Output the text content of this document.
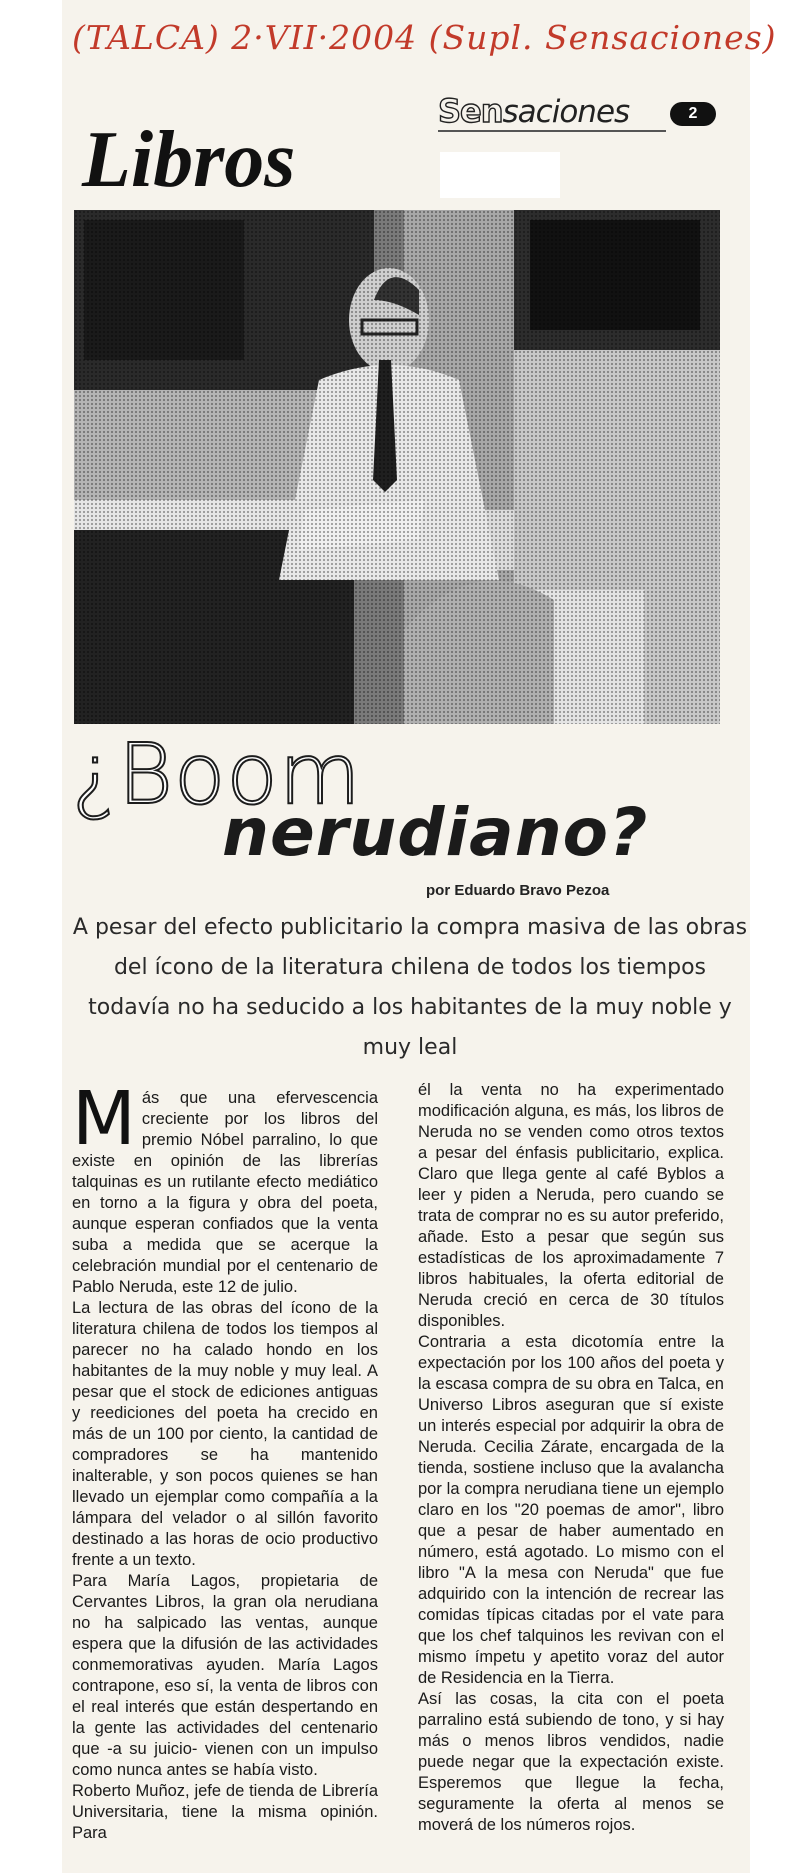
(TALCA) 2·VII·2004 (Supl. Sensaciones)
Sensaciones	2
Libros
¿Boom
nerudiano?
por Eduardo Bravo Pezoa
A pesar del efecto publicitario la compra masiva de las obras del ícono de la literatura chilena de todos los tiempos todavía no ha seducido a los habitantes de la muy noble y muy leal
M ás que una efervescencia creciente por los libros del premio Nóbel parralino, lo que existe en opinión de las librerías talquinas es un rutilante efecto mediático en torno a la figura y obra del poeta, aunque esperan confiados que la venta suba a medida que se acerque la celebración mundial por el centenario de Pablo Neruda, este 12 de julio.

La lectura de las obras del ícono de la literatura chilena de todos los tiempos al parecer no ha calado hondo en los habitantes de la muy noble y muy leal. A pesar que el stock de ediciones antiguas y reediciones del poeta ha crecido en más de un 100 por ciento, la cantidad de compradores se ha mantenido inalterable, y son pocos quienes se han llevado un ejemplar como compañía a la lámpara del velador o al sillón favorito destinado a las horas de ocio productivo frente a un texto.

Para María Lagos, propietaria de Cervantes Libros, la gran ola nerudiana no ha salpicado las ventas, aunque espera que la difusión de las actividades conmemorativas ayuden. María Lagos contrapone, eso sí, la venta de libros con el real interés que están despertando en la gente las actividades del centenario que -a su juicio- vienen con un impulso como nunca antes se había visto.

Roberto Muñoz, jefe de tienda de Librería Universitaria, tiene la misma opinión. Para

él la venta no ha experimentado modificación alguna, es más, los libros de Neruda no se venden como otros textos a pesar del énfasis publicitario, explica. Claro que llega gente al café Byblos a leer y piden a Neruda, pero cuando se trata de comprar no es su autor preferido, añade. Esto a pesar que según sus estadísticas de los aproximadamente 7 libros habituales, la oferta editorial de Neruda creció en cerca de 30 títulos disponibles.

Contraria a esta dicotomía entre la expectación por los 100 años del poeta y la escasa compra de su obra en Talca, en Universo Libros aseguran que sí existe un interés especial por adquirir la obra de Neruda. Cecilia Zárate, encargada de la tienda, sostiene incluso que la avalancha por la compra nerudiana tiene un ejemplo claro en los "20 poemas de amor", libro que a pesar de haber aumentado en número, está agotado. Lo mismo con el libro "A la mesa con Neruda" que fue adquirido con la intención de recrear las comidas típicas citadas por el vate para que los chef talquinos les revivan con el mismo ímpetu y apetito voraz del autor de Residencia en la Tierra.

Así las cosas, la cita con el poeta parralino está subiendo de tono, y si hay más o menos libros vendidos, nadie puede negar que la expectación existe. Esperemos que llegue la fecha, seguramente la oferta al menos se moverá de los números rojos.
